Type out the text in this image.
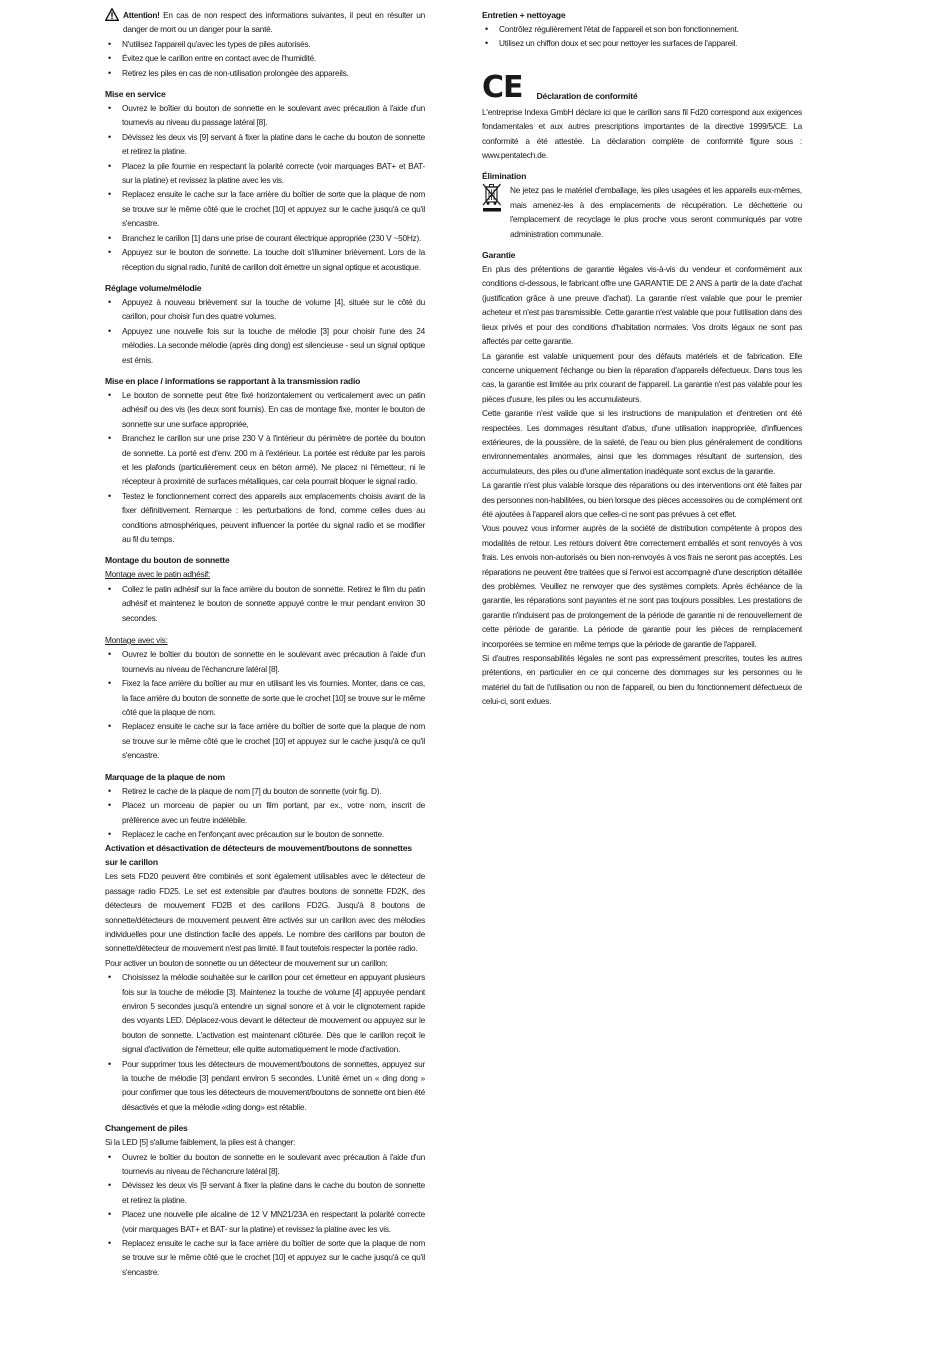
Attention! En cas de non respect des informations suivantes, il peut en résulter un danger de mort ou un danger pour la santé.

• N'utilisez l'appareil qu'avec les types de piles autorisés.
• Évitez que le carillon entre en contact avec de l'humidité.
• Retirez les piles en cas de non-utilisation prolongée des appareils.
Mise en service
• Ouvrez le boîtier du bouton de sonnette en le soulevant avec précaution à l'aide d'un tournevis au niveau du passage latéral [8].
• Dévissez les deux vis [9] servant à fixer la platine dans le cache du bouton de sonnette et retirez la platine.
• Placez la pile fournie en respectant la polarité correcte (voir marquages BAT+ et BAT- sur la platine) et revissez la platine avec les vis.
• Replacez ensuite le cache sur la face arrière du boîtier de sorte que la plaque de nom se trouve sur le même côté que le crochet [10] et appuyez sur le cache jusqu'à ce qu'il s'encastre.
• Branchez le carillon [1] dans une prise de courant électrique appropriée (230 V ~50Hz).
• Appuyez sur le bouton de sonnette. La touche doit s'illuminer brièvement. Lors de la réception du signal radio, l'unité de carillon doit émettre un signal optique et acoustique.
Réglage volume/mélodie
• Appuyez à nouveau brièvement sur la touche de volume [4], située sur le côté du carillon, pour choisir l'un des quatre volumes.
• Appuyez une nouvelle fois sur la touche de mélodie [3] pour choisir l'une des 24 mélodies. La seconde mélodie (après ding dong) est silencieuse - seul un signal optique est émis.
Mise en place / informations se rapportant à la transmission radio
• Le bouton de sonnette peut être fixé horizontalement ou verticalement avec un patin adhésif ou des vis (les deux sont fournis). En cas de montage fixe, monter le bouton de sonnette sur une surface appropriée,
• Branchez le carillon sur une prise 230 V à l'intérieur du périmètre de portée du bouton de sonnette. La porté est d'env. 200 m à l'extérieur. La portée est réduite par les parois et les plafonds (particulièrement ceux en béton armé). Ne placez ni l'émetteur, ni le récepteur à proximité de surfaces métalliques, car cela pourrait bloquer le signal radio.
• Testez le fonctionnement correct des appareils aux emplacements choisis avant de la fixer définitivement. Remarque : les perturbations de fond, comme celles dues au conditions atmosphériques, peuvent influencer la portée du signal radio et se modifier au fil du temps.
Montage du bouton de sonnette
Montage avec le patin adhésif:
• Collez le patin adhésif sur la face arrière du bouton de sonnette. Retirez le film du patin adhésif et maintenez le bouton de sonnette appuyé contre le mur pendant environ 30 secondes.
Montage avec vis:
• Ouvrez le boîtier du bouton de sonnette en le soulevant avec précaution à l'aide d'un tournevis au niveau de l'échancrure latéral [8].
• Fixez la face arrière du boîtier au mur en utilisant les vis fournies. Monter, dans ce cas, la face arrière du bouton de sonnette de sorte que le crochet [10] se trouve sur le même côté que la plaque de nom.
• Replacez ensuite le cache sur la face arrière du boîtier de sorte que la plaque de nom se trouve sur le même côté que le crochet [10] et appuyez sur le cache jusqu'à ce qu'il s'encastre.
Marquage de la plaque de nom
• Retirez le cache de la plaque de nom [7] du bouton de sonnette (voir fig. D).
• Placez un morceau de papier ou un film portant, par ex., votre nom, inscrit de préférence avec un feutre indélébile.
• Replacez le cache en l'enfonçant avec précaution sur le bouton de sonnette.
Activation et désactivation de détecteurs de mouvement/boutons de sonnettes sur le carillon

Les sets FD20 peuvent être combinés et sont également utilisables avec le détecteur de passage radio FD25. Le set est extensible par d'autres boutons de sonnette FD2K, des détecteurs de mouvement FD2B et des carillons FD2G. Jusqu'à 8 boutons de sonnette/détecteurs de mouvement peuvent être activés sur un carillon avec des mélodies individuelles pour une distinction facile des appels. Le nombre des carillons par bouton de sonnette/détecteur de mouvement n'est pas limité. Il faut toutefois respecter la portée radio.

Pour activer un bouton de sonnette ou un détecteur de mouvement sur un carillon:

• Choisissez la mélodie souhaitée sur le carillon pour cet émetteur en appuyant plusieurs fois sur la touche de mélodie [3]. Maintenez la touche de volume [4] appuyée pendant environ 5 secondes jusqu'à entendre un signal sonore et à voir le clignotement rapide des voyants LED. Déplacez-vous devant le détecteur de mouvement ou appuyez sur le bouton de sonnette. L'activation est maintenant clôturée. Dès que le carillon reçoit le signal d'activation de l'émetteur, elle quitte automatiquement le mode d'activation.
• Pour supprimer tous les détecteurs de mouvement/boutons de sonnettes, appuyez sur la touche de mélodie [3] pendant environ 5 secondes. L'unité émet un « ding dong » pour confirmer que tous les détecteurs de mouvement/boutons de sonnette ont bien été désactivés et que la mélodie «ding dong» est rétablie.
Changement de piles

Si la LED [5] s'allume faiblement, la piles est à changer:

• Ouvrez le boîtier du bouton de sonnette en le soulevant avec précaution à l'aide d'un tournevis au niveau de l'échancrure latéral [8].
• Dévissez les deux vis [9 servant à fixer la platine dans le cache du bouton de sonnette et retirez la platine.
• Placez une nouvelle pile alcaline de 12 V MN21/23A en respectant la polarité correcte (voir marquages BAT+ et BAT- sur la platine) et revissez la platine avec les vis.
• Replacez ensuite le cache sur la face arrière du boîtier de sorte que la plaque de nom se trouve sur le même côté que le crochet [10] et appuyez sur le cache jusqu'à ce qu'il s'encastre.
Entretien + nettoyage
• Contrôlez régulièrement l'état de l'appareil et son bon fonctionnement.
• Utilisez un chiffon doux et sec pour nettoyer les surfaces de l'appareil.
CE Déclaration de conformité

L'entreprise Indexa GmbH déclare ici que le carillon sans fil Fd20 correspond aux exigences fondamentales et aux autres prescriptions importantes de la directive 1999/5/CE. La conformité a été attestée. La déclaration complète de conformité figure sous : www.pentatech.de.

Élimination

Ne jetez pas le matériel d'emballage, les piles usagées et les appareils eux-mêmes, mais amenez-les à des emplacements de récupération. Le déchetterie ou l'emplacement de recyclage le plus proche vous seront communiqués par votre administration communale.

Garantie

En plus des prétentions de garantie légales vis-à-vis du vendeur et conformément aux conditions ci-dessous, le fabricant offre une GARANTIE DE 2 ANS à partir de la date d'achat (justification grâce à une preuve d'achat). La garantie n'est valable que pour le premier acheteur et n'est pas transmissible. Cette garantie n'est valable que pour l'utilisation dans des lieux privés et pour des conditions d'habitation normales. Vos droits légaux ne sont pas affectés par cette garantie.

La garantie est valable uniquement pour des défauts matériels et de fabrication. Elle concerne uniquement l'échange ou bien la réparation d'appareils défectueux. Dans tous les cas, la garantie est limitée au prix courant de l'appareil. La garantie n'est pas valable pour les pièces d'usure, les piles ou les accumulateurs.

Cette garantie n'est valide que si les instructions de manipulation et d'entretien ont été respectées. Les dommages résultant d'abus, d'une utilisation inappropriée, d'influences extérieures, de la poussière, de la saleté, de l'eau ou bien plus généralement de conditions environnementales anormales, ainsi que les dommages résultant de surtension, des accumulateurs, des piles ou d'une alimentation inadéquate sont exclus de la garantie.

La garantie n'est plus valable lorsque des réparations ou des interventions ont été faites par des personnes non-habilitées, ou bien lorsque des pièces accessoires ou de complément ont été ajoutées à l'appareil alors que celles-ci ne sont pas prévues à cet effet.

Vous pouvez vous informer auprès de la société de distribution compétente à propos des modalités de retour. Les retours doivent être correctement emballés et sont renvoyés à vos frais. Les envois non-autorisés ou bien non-renvoyés à vos frais ne seront pas acceptés. Les réparations ne peuvent être traitées que si l'envoi est accompagné d'une description détaillée des problèmes. Veuillez ne renvoyer que des systèmes complets. Après échéance de la garantie, les réparations sont payantes et ne sont pas toujours possibles. Les prestations de garantie n'induisent pas de prolongement de la période de garantie ni de renouvellement de cette période de garantie. La période de garantie pour les pièces de remplacement incorporées se termine en même temps que la période de garantie de l'appareil.

Si d'autres responsabilités légales ne sont pas expressément prescrites, toutes les autres prétentions, en particulier en ce qui concerne des dommages sur les personnes ou le matériel du fait de l'utilisation ou non de l'appareil, ou bien du fonctionnement défectueux de celui-ci, sont exlues.
